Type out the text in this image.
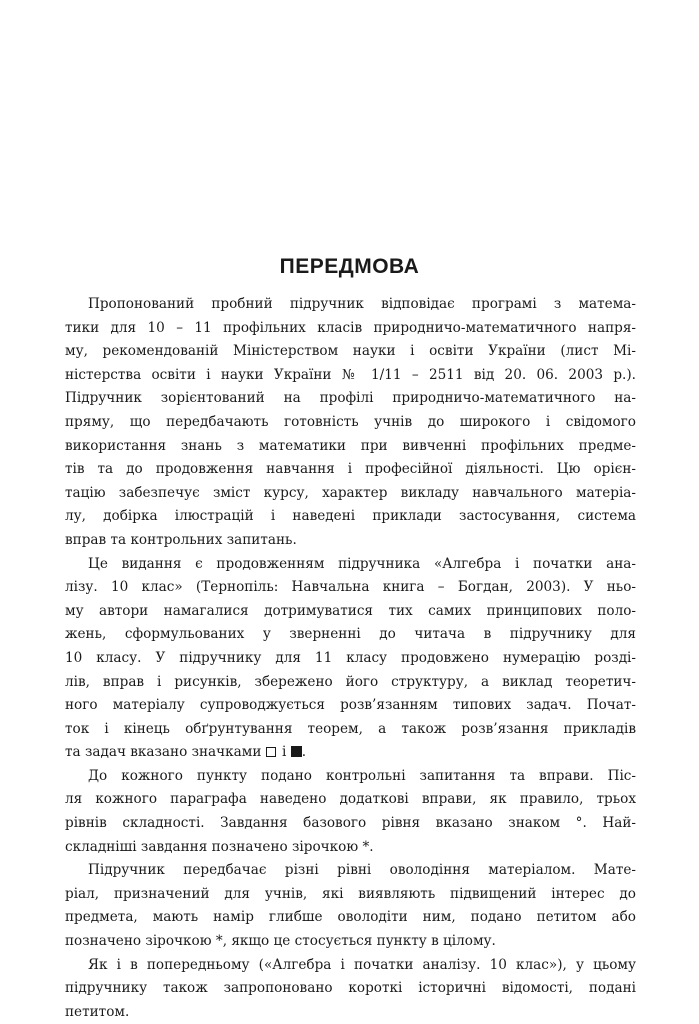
ПЕРЕДМОВА
Пропонований пробний підручник відповідає програмі з матема-
тики для 10 – 11 профільних класів природничо-математичного напря-
му, рекомендованій Міністерством науки і освіти України (лист Мі-
ністерства освіти і науки України № 1/11 – 2511 від 20. 06. 2003 р.).
Підручник зорієнтований на профілі природничо-математичного на-
пряму, що передбачають готовність учнів до широкого і свідомого
використання знань з математики при вивченні профільних предме-
тів та до продовження навчання і професійної діяльності. Цю орієн-
тацію забезпечує зміст курсу, характер викладу навчального матеріа-
лу, добірка ілюстрацій і наведені приклади застосування, система
вправ та контрольних запитань.
Це видання є продовженням підручника «Алгебра і початки ана-
лізу. 10 клас» (Тернопіль: Навчальна книга – Богдан, 2003). У ньо-
му автори намагалися дотримуватися тих самих принципових поло-
жень, сформульованих у зверненні до читача в підручнику для
10 класу. У підручнику для 11 класу продовжено нумерацію розді-
лів, вправ і рисунків, збережено його структуру, а виклад теоретич-
ного матеріалу супроводжується розв’язанням типових задач. Почат-
ток і кінець обґрунтування теорем, а також розв’язання прикладів
та задач вказано значками і .
До кожного пункту подано контрольні запитання та вправи. Піс-
ля кожного параграфа наведено додаткові вправи, як правило, трьох
рівнів складності. Завдання базового рівня вказано знаком °. Най-
складніші завдання позначено зірочкою *.
Підручник передбачає різні рівні оволодіння матеріалом. Мате-
ріал, призначений для учнів, які виявляють підвищений інтерес до
предмета, мають намір глибше оволодіти ним, подано петитом або
позначено зірочкою *, якщо це стосується пункту в цілому.
Як і в попередньому («Алгебра і початки аналізу. 10 клас»), у цьому
підручнику також запропоновано короткі історичні відомості, подані
петитом.
